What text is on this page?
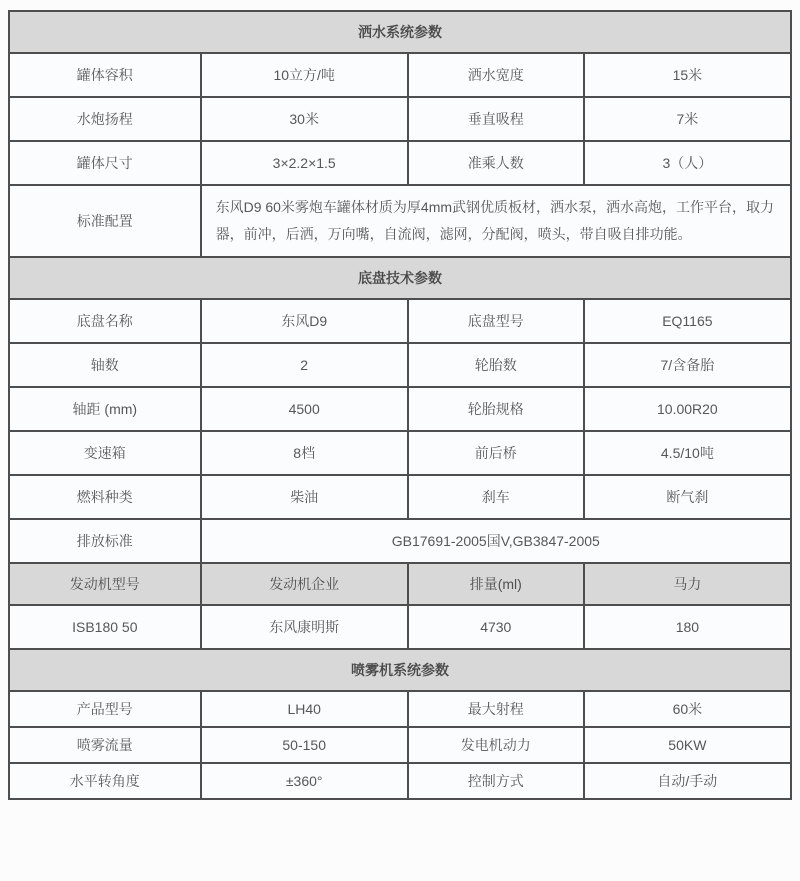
洒水系统参数			
罐体容积	10立方/吨	洒水宽度	15米
水炮扬程	30米	垂直吸程	7米
罐体尺寸	3×2.2×1.5	准乘人数	3（人）
标准配置	东风D9 60米雾炮车罐体材质为厚4mm武钢优质板材，洒水泵，洒水高炮，工作平台，取力器，前冲，后洒，万向嘴，自流阀，滤网，分配阀，喷头，带自吸自排功能。		
底盘技术参数			
底盘名称	东风D9	底盘型号	EQ1165
轴数	2	轮胎数	7/含备胎
轴距 (mm)	4500	轮胎规格	10.00R20
变速箱	8档	前后桥	4.5/10吨
燃料种类	柴油	刹车	断气刹
排放标准	GB17691-2005国V,GB3847-2005		
发动机型号	发动机企业	排量(ml)	马力
ISB180 50	东风康明斯	4730	180
喷雾机系统参数			
产品型号	LH40	最大射程	60米
喷雾流量	50-150	发电机动力	50KW
水平转角度	±360°	控制方式	自动/手动
